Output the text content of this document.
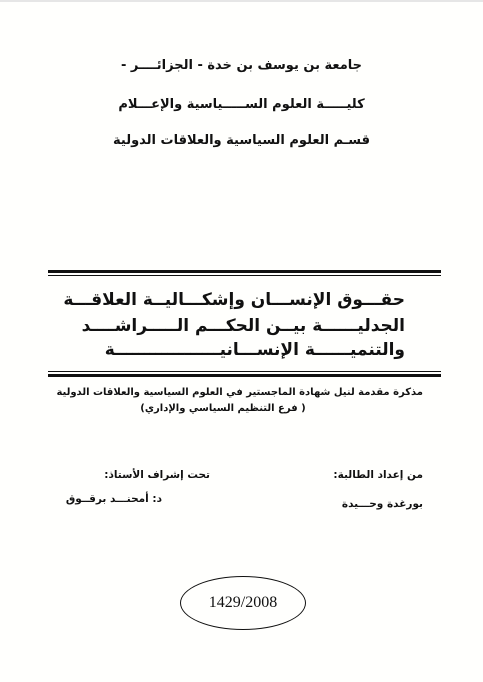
جامعة بن يوسف بن خدة - الجزائــــر -
كليـــــة العلوم الســـــياسية والإعـــلام
قسـم العلوم السياسية والعلاقات الدولية
حقـــوق الإنســـان وإشكـــاليــة العلاقـــة
الجدليــــــة بيــن الحكـــم الـــــراشــــد
والتنميــــــة الإنســـانيــــــــــــــــــة
مذكرة مقدمة لنيل شهادة الماجستير في العلوم السياسية والعلاقات الدولية
( فرع التنظيم السياسي والإداري)
من إعداد الطالبة:
تحت إشراف الأستاذ:
بورغدة وحـــيدة
د: أمحنـــد برقــوق
1429/2008
